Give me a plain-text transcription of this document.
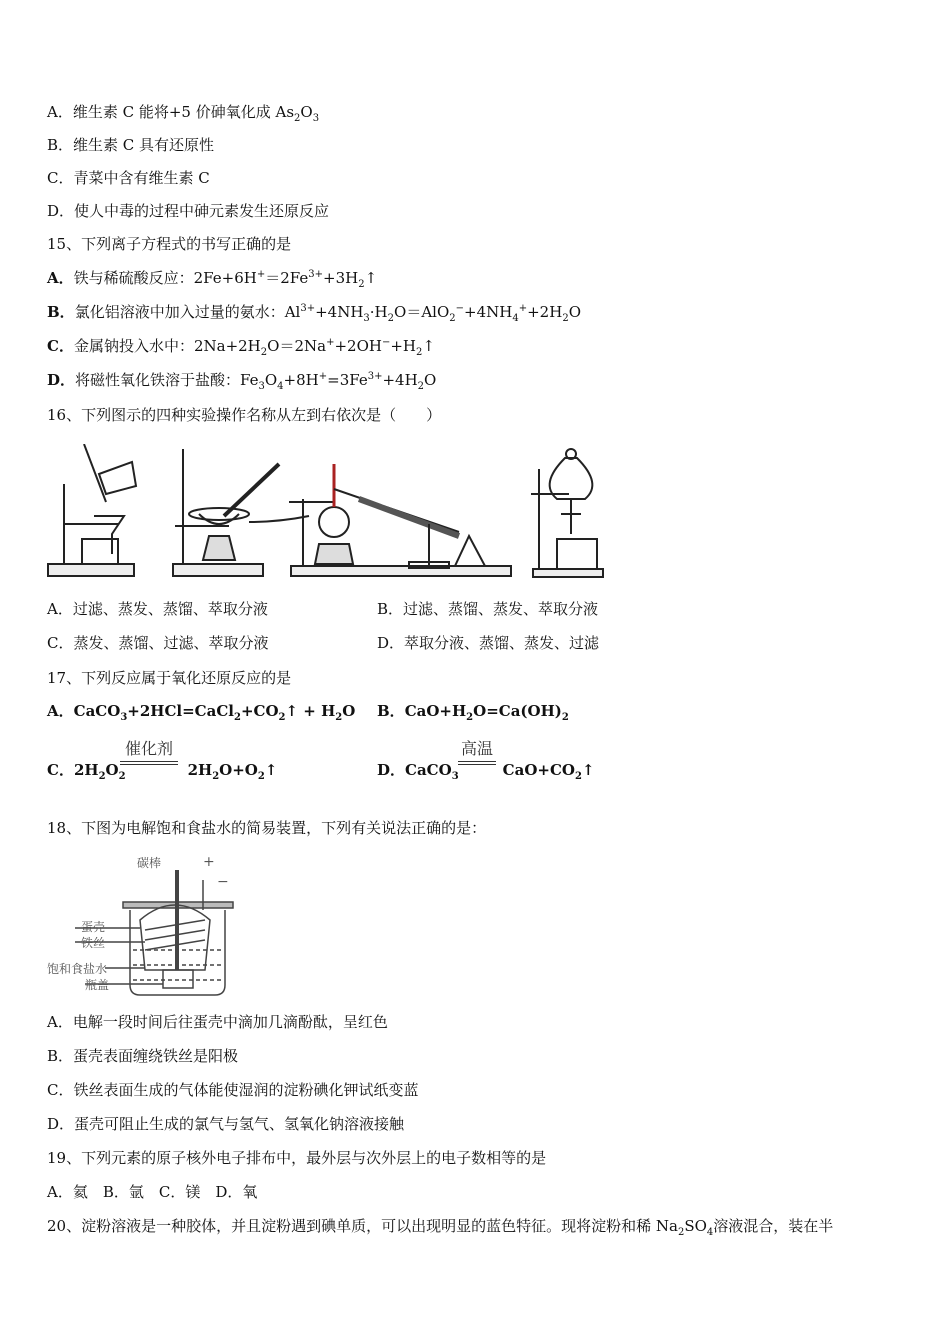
A．维生素 C 能将+5 价砷氧化成 $As_2O_3$
B．维生素 C 具有还原性
C．青菜中含有维生素 C
D．使人中毒的过程中砷元素发生还原反应
15、下列离子方程式的书写正确的是
A．铁与稀硫酸反应：$2Fe+6H^+=2Fe^{3+}+3H_2↑$
B．氯化铝溶液中加入过量的氨水：$Al^{3+}+4NH_3\cdot H_2O=AlO_2^-+4NH_4^++2H_2O$
C．金属钠投入水中：$2Na+2H_2O=2Na^++2OH^-+H_2↑$
D．将磁性氧化铁溶于盐酸：$Fe_3O_4+8H^+=3Fe^{3+}+4H_2O$
16、下列图示的四种实验操作名称从左到右依次是（　　）
A．过滤、蒸发、蒸馏、萃取分液	B．过滤、蒸馏、蒸发、萃取分液
C．蒸发、蒸馏、过滤、萃取分液	D．萃取分液、蒸馏、蒸发、过滤
17、下列反应属于氧化还原反应的是
A．$CaCO_3+2HCl=CaCl_2+CO_2↑ + H_2O$ B．$CaO+H_2O=Ca(OH)_2$
催化剂
C．$2H_2O_2$	$2H_2O+O_2↑$
高温
D．CaCO$_3$	$CaO+CO_2↑$
18、下图为电解饱和食盐水的简易装置，下列有关说法正确的是：
碳棒	+
−
蛋壳
铁丝
饱和食盐水
瓶盖
A．电解一段时间后往蛋壳中滴加几滴酚酞，呈红色
B．蛋壳表面缠绕铁丝是阳极
C．铁丝表面生成的气体能使湿润的淀粉碘化钾试纸变蓝
D．蛋壳可阻止生成的氯气与氢气、氢氧化钠溶液接触
19、下列元素的原子核外电子排布中，最外层与次外层上的电子数相等的是
A．氦　B．氩　C．镁　D．氧
20、淀粉溶液是一种胶体，并且淀粉遇到碘单质，可以出现明显的蓝色特征。现将淀粉和稀 $Na_2SO_4$溶液混合，装在半
